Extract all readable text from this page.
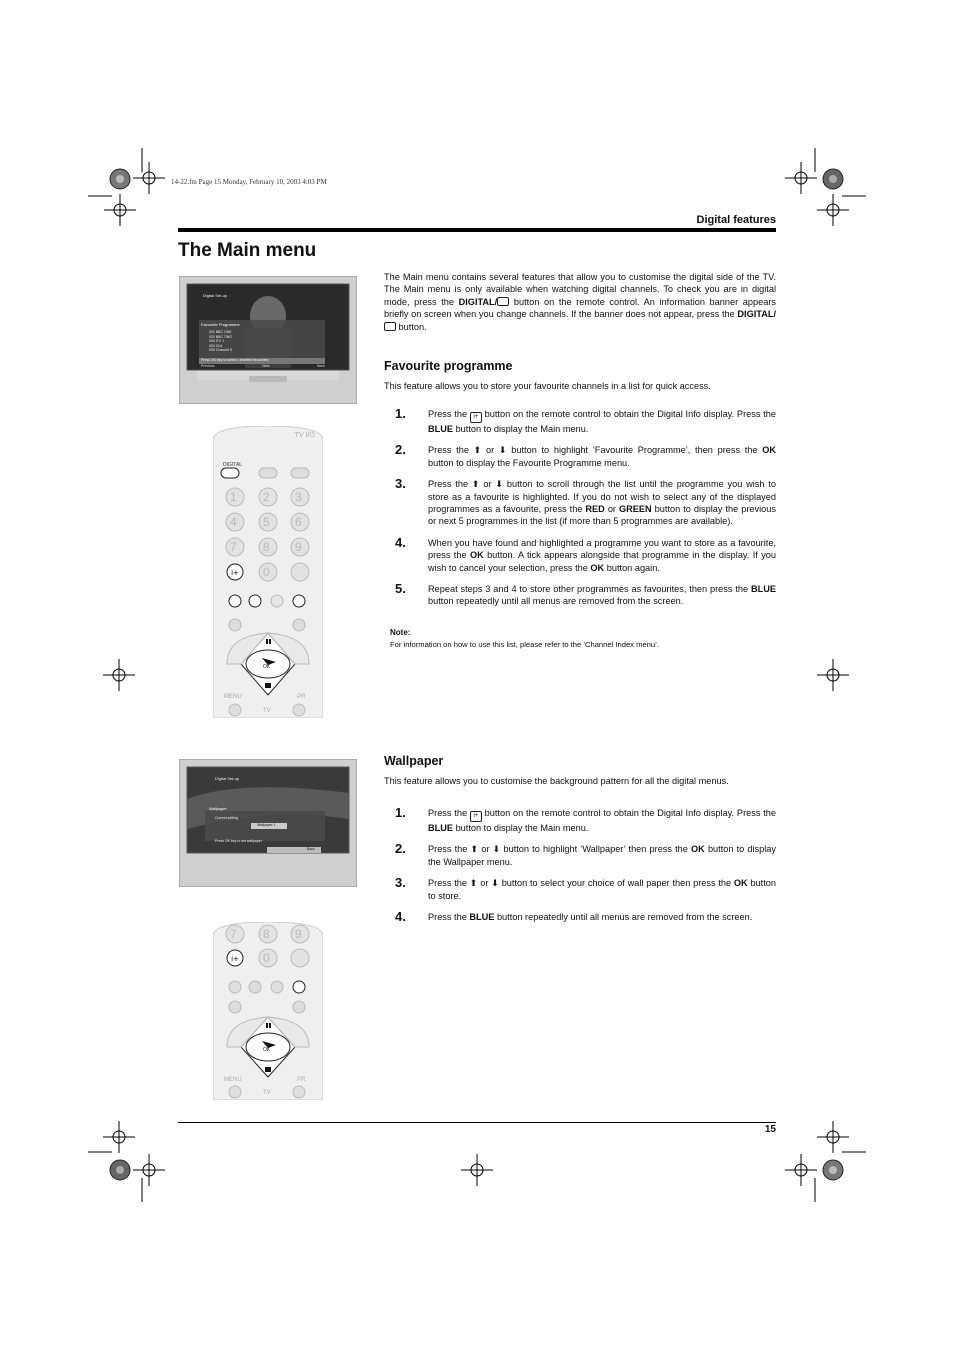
14-22.fm Page 15 Monday, February 10, 2003 4:03 PM
Digital features
The Main menu
Digital Set-up
Favourite Programme
001 BBC ONE
002 BBC TWO
003 ITV 1
004 Ch4
005 Channel 5
Press OK key to select / deselect favourites
Previous	Next	Back
i+
TV I/⏻
DIGITAL
1 2 3
4 5 6
7 8 9
0
OK
MENU
TV
PR

The Main menu contains several features that allow you to customise the digital side of the TV. The Main menu is only available when watching digital channels. To check you are in digital mode, press the DIGITAL/ button on the remote control. An information banner appears briefly on screen when you change channels. If the banner does not appear, press the DIGITAL/ button.

Favourite programme
This feature allows you to store your favourite channels in a list for quick access.
1. Press the i+ button on the remote control to obtain the Digital Info display. Press the BLUE button to display the Main menu.
2. Press the ⬆ or ⬇ button to highlight ‘Favourite Programme’, then press the OK button to display the Favourite Programme menu.
3. Press the ⬆ or ⬇ button to scroll through the list until the programme you wish to store as a favourite is highlighted. If you do not wish to select any of the displayed programmes as a favourite, press the RED or GREEN button to display the previous or next 5 programmes in the list (if more than 5 programmes are available).
4. When you have found and highlighted a programme you want to store as a favourite, press the OK button. A tick appears alongside that programme in the display. If you wish to cancel your selection, press the OK button again.
5. Repeat steps 3 and 4 to store other programmes as favourites, then press the BLUE button repeatedly until all menus are removed from the screen.
Note:
For information on how to use this list, please refer to the ‘Channel Index menu’.
Digital Set-up
Wallpaper
Current setting
Wallpaper 1
Press OK key to set wallpaper
Back
i+
7 8 9
0
OK
MENU
TV
PR
Wallpaper
This feature allows you to customise the background pattern for all the digital menus.
1. Press the i+ button on the remote control to obtain the Digital Info display. Press the BLUE button to display the Main menu.
2. Press the ⬆ or ⬇ button to highlight ‘Wallpaper’ then press the OK button to display the Wallpaper menu.
3. Press the ⬆ or ⬇ button to select your choice of wall paper then press the OK button to store.
4. Press the BLUE button repeatedly until all menus are removed from the screen.
15
